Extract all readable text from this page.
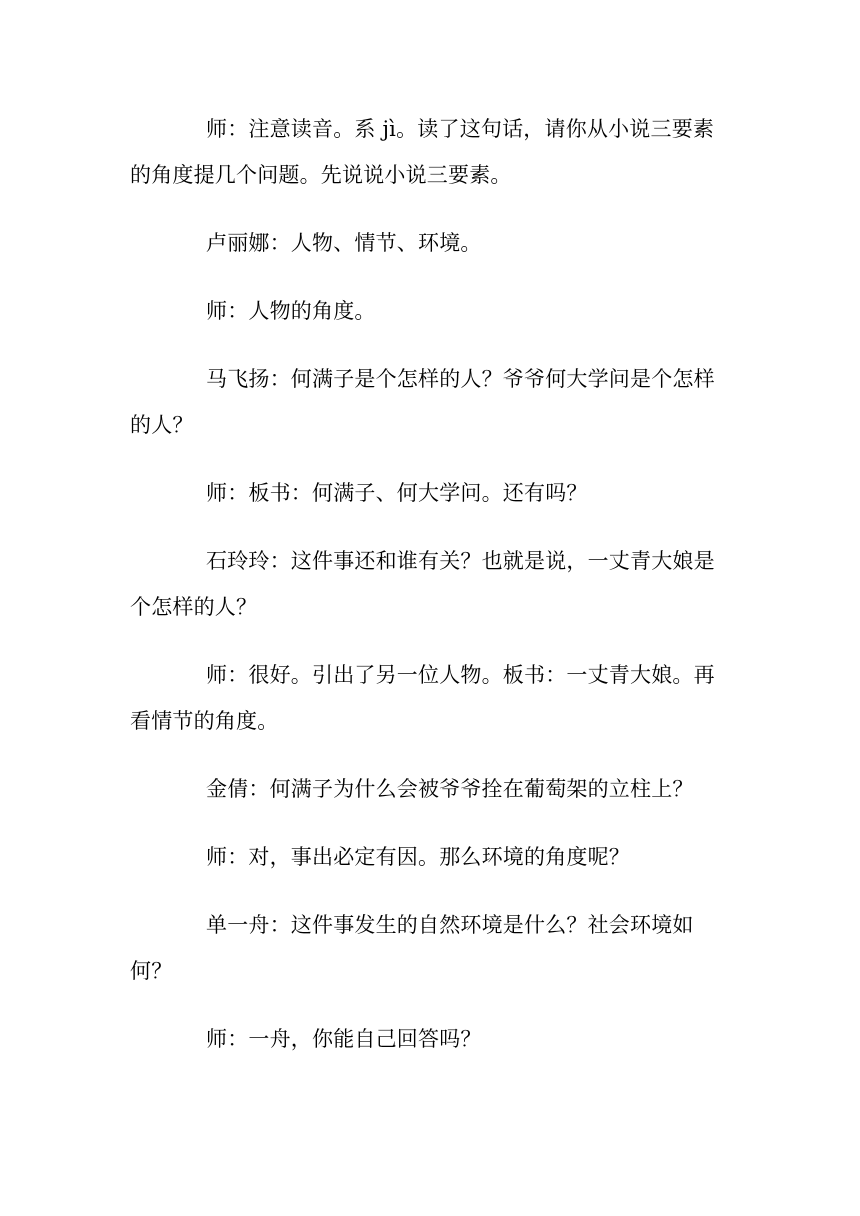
师：注意读音。系 jì。读了这句话，请你从小说三要素的角度提几个问题。先说说小说三要素。

卢丽娜：人物、情节、环境。

师：人物的角度。

马飞扬：何满子是个怎样的人？爷爷何大学问是个怎样的人？

师：板书：何满子、何大学问。还有吗？

石玲玲：这件事还和谁有关？也就是说，一丈青大娘是个怎样的人？

师：很好。引出了另一位人物。板书：一丈青大娘。再看情节的角度。

金倩：何满子为什么会被爷爷拴在葡萄架的立柱上？

师：对，事出必定有因。那么环境的角度呢？

单一舟：这件事发生的自然环境是什么？社会环境如何？

师：一舟，你能自己回答吗？
